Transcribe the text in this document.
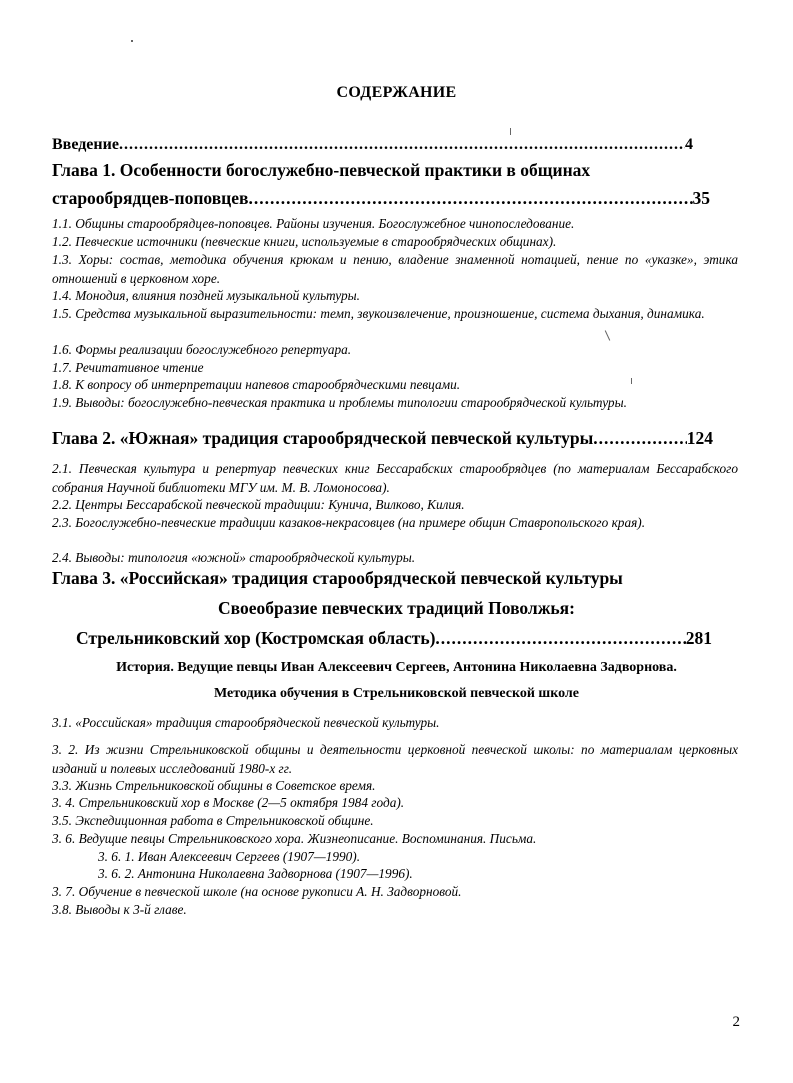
СОДЕРЖАНИЕ
Введение .....	4
Глава 1. Особенности богослужебно-певческой практики в общинах
старообрядцев-поповцев .....	35
1.1. Общины старообрядцев-поповцев. Районы изучения. Богослужебное чинопоследование.
1.2. Певческие источники (певческие книги, используемые в старообрядческих общинах).
1.3. Хоры: состав, методика обучения крюкам и пению, владение знаменной нотацией, пение по «указке», этика отношений в церковном хоре.
1.4. Монодия, влияния поздней музыкальной культуры.
1.5. Средства музыкальной выразительности: темп, звукоизвлечение, произношение, система дыхания, динамика.
1.6. Формы реализации богослужебного репертуара.
1.7. Речитативное чтение
1.8. К вопросу об интерпретации напевов старообрядческими певцами.
1.9. Выводы: богослужебно-певческая практика и проблемы типологии старообрядческой культуры.
Глава 2. «Южная» традиция старообрядческой певческой культуры .....	124
2.1. Певческая культура и репертуар певческих книг Бессарабских старообрядцев (по материалам Бессарабского собрания Научной библиотеки МГУ им. М. В. Ломоносова).
2.2. Центры Бессарабской певческой традиции: Кунича, Вилково, Килия.
2.3. Богослужебно-певческие традиции казаков-некрасовцев (на примере общин Ставропольского края).
2.4. Выводы: типология «южной» старообрядческой культуры.
Глава 3. «Российская» традиция старообрядческой певческой культуры
Своеобразие певческих традиций Поволжья:
Стрельниковский хор (Костромская область) .....	281
История. Ведущие певцы Иван Алексеевич Сергеев, Антонина Николаевна Задворнова.
Методика обучения в Стрельниковской певческой школе
3.1. «Российская» традиция старообрядческой певческой культуры.
3. 2. Из жизни Стрельниковской общины и деятельности церковной певческой школы: по материалам церковных изданий и полевых исследований 1980-х гг.
3.3. Жизнь Стрельниковской общины в Советское время.
3. 4. Стрельниковский хор в Москве (2—5 октября 1984 года).
3.5. Экспедиционная работа в Стрельниковской общине.
3. 6. Ведущие певцы Стрельниковского хора. Жизнеописание. Воспоминания. Письма.
3. 6. 1. Иван Алексеевич Сергеев (1907—1990).
3. 6. 2. Антонина Николаевна Задворнова (1907—1996).
3. 7. Обучение в певческой школе (на основе рукописи А. Н. Задворновой.
3.8. Выводы к 3-й главе.
2
